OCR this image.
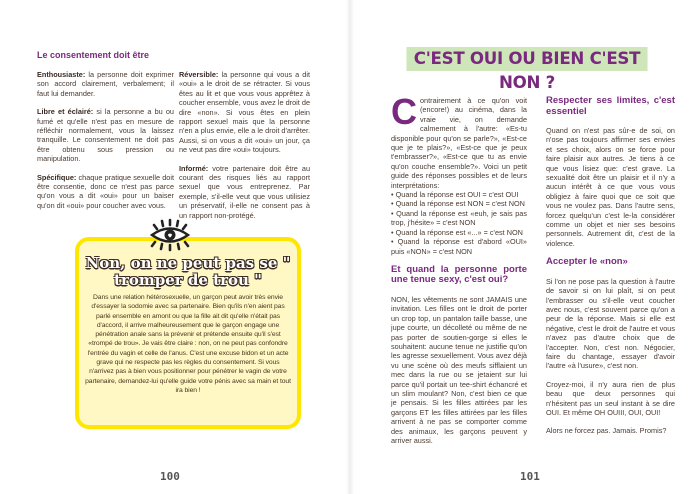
Le consentement doit être

Enthousiaste: la personne doit exprimer son accord clairement, verbalement; il faut lui demander.

Libre et éclairé: si la personne a bu ou fumé et qu'elle n'est pas en mesure de réfléchir normalement, vous la laissez tranquille. Le consentement ne doit pas être obtenu sous pression ou manipulation.

Spécifique: chaque pratique sexuelle doit être consentie, donc ce n'est pas parce qu'on vous a dit «oui» pour un baiser qu'on dit «oui» pour coucher avec vous.

Réversible: la personne qui vous a dit «oui» a le droit de se rétracter. Si vous êtes au lit et que vous vous apprêtez à coucher ensemble, vous avez le droit de dire «non». Si vous êtes en plein rapport sexuel mais que la personne n'en a plus envie, elle a le droit d'arrêter. Aussi, si on vous a dit «oui» un jour, ça ne veut pas dire «oui» toujours.

Informé: votre partenaire doit être au courant des risques liés au rapport sexuel que vous entreprenez. Par exemple, s'il-elle veut que vous utilisiez un préservatif, il-elle ne consent pas à un rapport non-protégé.

Non, on ne peut pas se " tromper de trou "
Dans une relation hétérosexuelle, un garçon peut avoir très envie d'essayer la sodomie avec sa partenaire. Bien qu'ils n'en aient pas parlé ensemble en amont ou que la fille ait dit qu'elle n'était pas d'accord, il arrive malheureusement que le garçon engage une pénétration anale sans la prévenir et prétende ensuite qu'il s'est «trompé de trou». Je vais être claire : non, on ne peut pas confondre l'entrée du vagin et celle de l'anus. C'est une excuse bidon et un acte grave qui ne respecte pas les règles du consentement. Si vous n'arrivez pas à bien vous positionner pour pénétrer le vagin de votre partenaire, demandez-lui qu'elle guide votre pénis avec sa main et tout ira bien !
100
C'EST OUI OU BIEN C'EST NON ?

Contrairement à ce qu'on voit (encore!) au cinéma, dans la vraie vie, on demande calmement à l'autre: «Es-tu disponible pour qu'on se parle?», «Est-ce que je te plais?», «Est-ce que je peux t'embrasser?», «Est-ce que tu as envie qu'on couche ensemble?». Voici un petit guide des réponses possibles et de leurs interprétations:

• Quand la réponse est OUI = c'est OUI
• Quand la réponse est NON = c'est NON
• Quand la réponse est «euh, je sais pas trop, j'hésite» = c'est NON
• Quand la réponse est «...» = c'est NON
• Quand la réponse est d'abord «OUI» puis «NON» = c'est NON
Et quand la personne porte une tenue sexy, c'est oui?

NON, les vêtements ne sont JAMAIS une invitation. Les filles ont le droit de porter un crop top, un pantalon taille basse, une jupe courte, un décolleté ou même de ne pas porter de soutien-gorge si elles le souhaitent: aucune tenue ne justifie qu'on les agresse sexuellement. Vous avez déjà vu une scène où des meufs sifflaient un mec dans la rue ou se jetaient sur lui parce qu'il portait un tee-shirt échancré et un slim moulant? Non, c'est bien ce que je pensais. Si les filles attirées par les garçons ET les filles attirées par les filles arrivent à ne pas se comporter comme des animaux, les garçons peuvent y arriver aussi.

Respecter ses limites, c'est essentiel

Quand on n'est pas sûr-e de soi, on n'ose pas toujours affirmer ses envies et ses choix, alors on se force pour faire plaisir aux autres. Je tiens à ce que vous lisiez que: c'est grave. La sexualité doit être un plaisir et il n'y a aucun intérêt à ce que vous vous obligiez à faire quoi que ce soit que vous ne voulez pas. Dans l'autre sens, forcez quelqu'un c'est le-la considérer comme un objet et nier ses besoins personnels. Autrement dit, c'est de la violence.

Accepter le «non»

Si l'on ne pose pas la question à l'autre de savoir si on lui plaît, si on peut l'embrasser ou s'il-elle veut coucher avec nous, c'est souvent parce qu'on a peur de la réponse. Mais si elle est négative, c'est le droit de l'autre et vous n'avez pas d'autre choix que de l'accepter. Non, c'est non. Négocier, faire du chantage, essayer d'avoir l'autre «à l'usure», c'est non.

Croyez-moi, il n'y aura rien de plus beau que deux personnes qui n'hésitent pas un seul instant à se dire OUI. Et même OH OUIII, OUI, OUI!

Alors ne forcez pas. Jamais. Promis?

101
